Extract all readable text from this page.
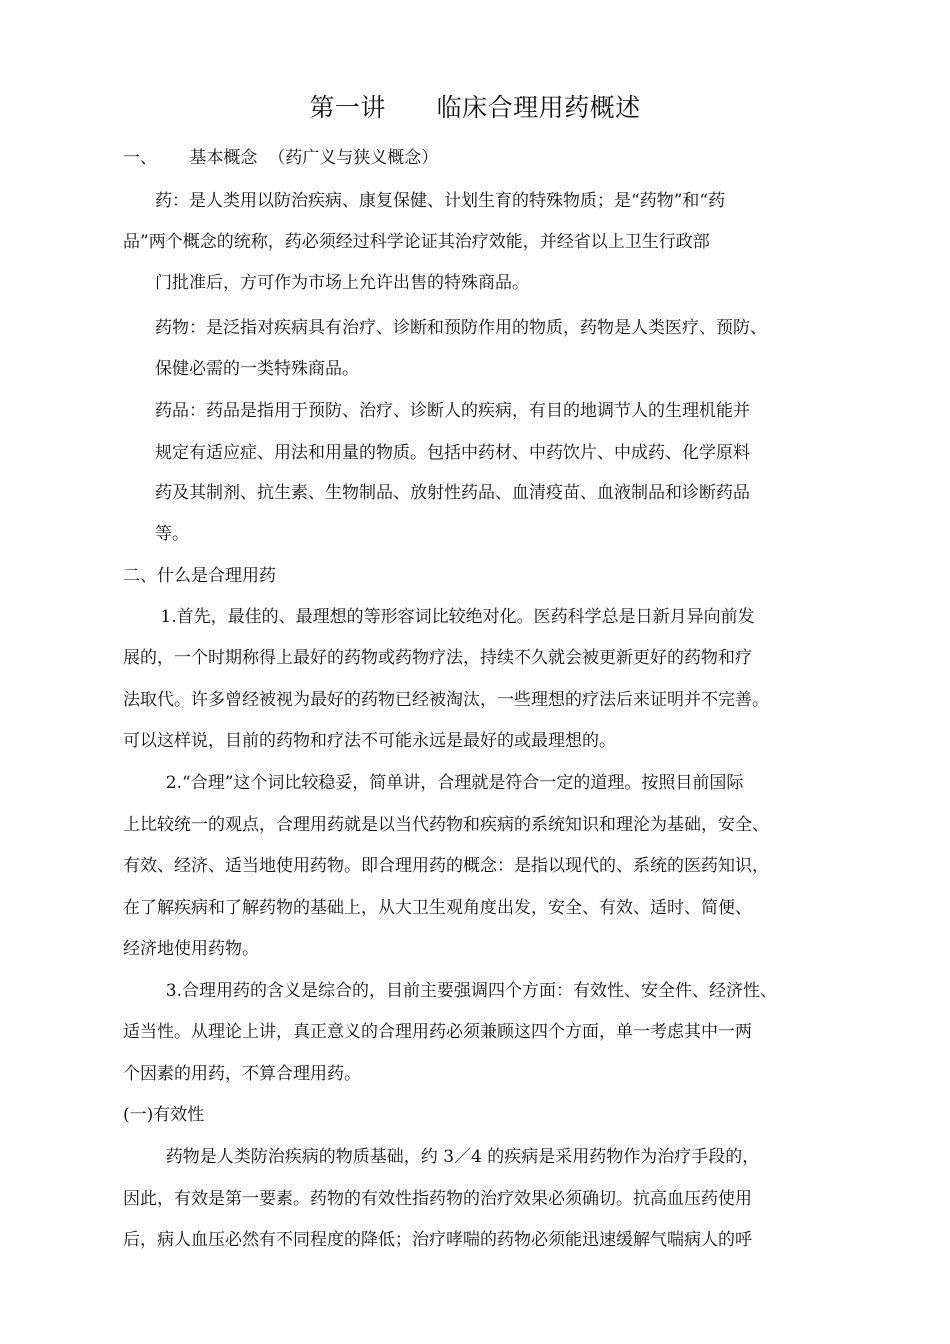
第一讲      临床合理用药概述

一、      基本概念  （药广义与狭义概念）

药：是人类用以防治疾病、康复保健、计划生育的特殊物质；是“药物”和“药

品”两个概念的统称，药必须经过科学论证其治疗效能，并经省以上卫生行政部

门批准后，方可作为市场上允许出售的特殊商品。

药物：是泛指对疾病具有治疗、诊断和预防作用的物质，药物是人类医疗、预防、

保健必需的一类特殊商品。

药品：药品是指用于预防、治疗、诊断人的疾病，有目的地调节人的生理机能并

规定有适应症、用法和用量的物质。包括中药材、中药饮片、中成药、化学原料

药及其制剂、抗生素、生物制品、放射性药品、血清疫苗、血液制品和诊断药品

等。

二、什么是合理用药

1.首先，最佳的、最理想的等形容词比较绝对化。医药科学总是日新月异向前发

展的，一个时期称得上最好的药物或药物疗法，持续不久就会被更新更好的药物和疗

法取代。许多曾经被视为最好的药物已经被淘汰，一些理想的疗法后来证明并不完善。

可以这样说，目前的药物和疗法不可能永远是最好的或最理想的。

2.“合理”这个词比较稳妥，简单讲，合理就是符合一定的道理。按照目前国际

上比较统一的观点，合理用药就是以当代药物和疾病的系统知识和理沦为基础，安全、

有效、经济、适当地使用药物。即合理用药的概念：是指以现代的、系统的医药知识，

在了解疾病和了解药物的基础上，从大卫生观角度出发，安全、有效、适时、简便、

经济地使用药物。

3.合理用药的含义是综合的，目前主要强调四个方面：有效性、安全件、经济性、

适当性。从理论上讲，真正意义的合理用药必须兼顾这四个方面，单一考虑其中一两

个因素的用药，不算合理用药。

(一)有效性

药物是人类防治疾病的物质基础，约 3／4 的疾病是采用药物作为治疗手段的，

因此，有效是第一要素。药物的有效性指药物的治疗效果必须确切。抗高血压药使用

后，病人血压必然有不同程度的降低；治疗哮喘的药物必须能迅速缓解气喘病人的呼
